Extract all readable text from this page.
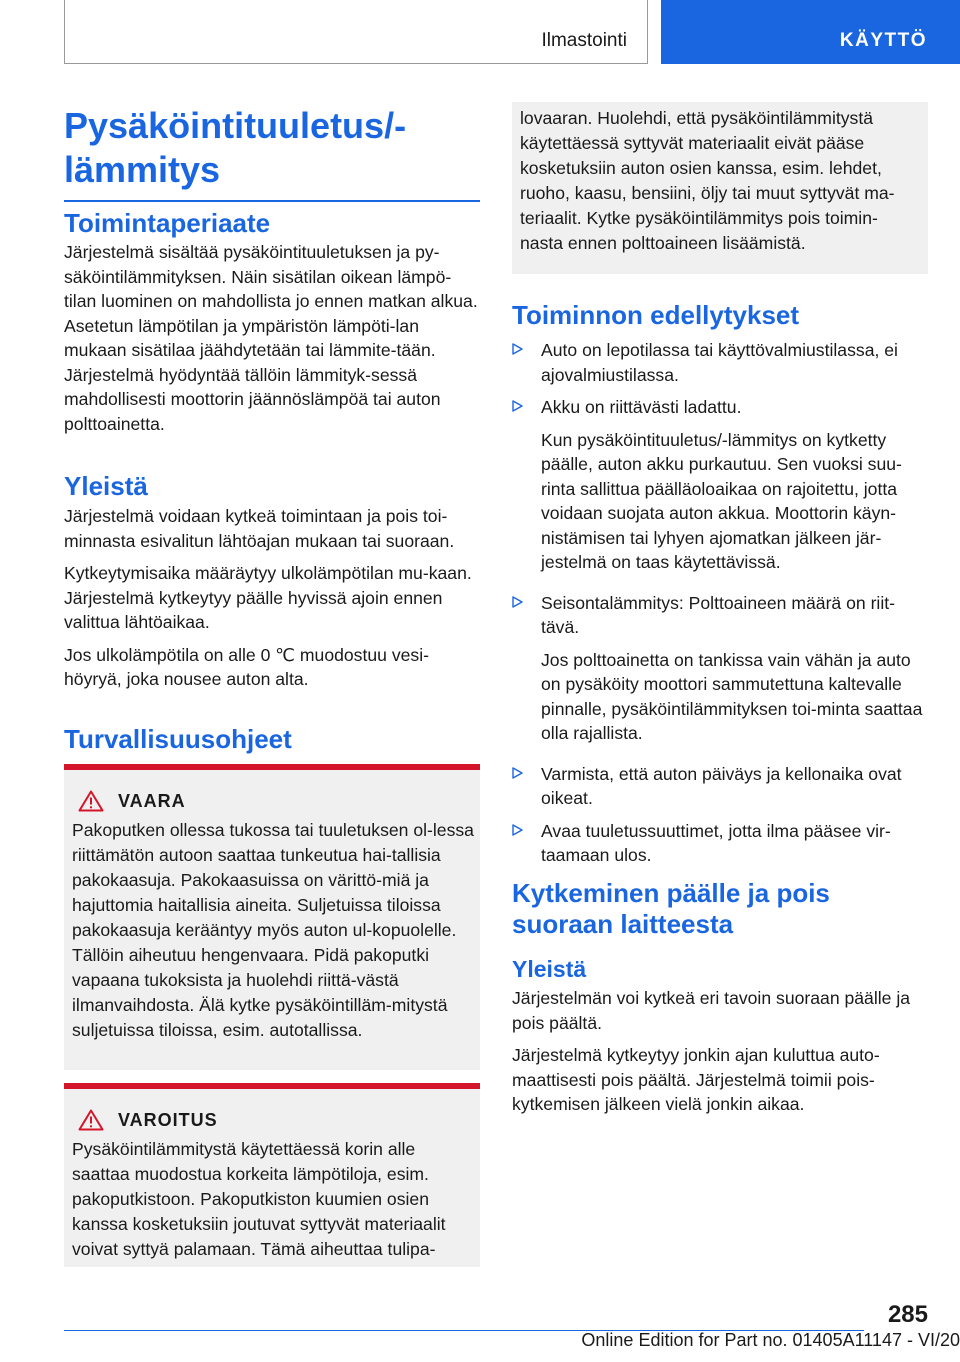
Ilmastointi	KÄYTTÖ
Pysäköintituuletus/-
lämmitys
Toimintaperiaate

Järjestelmä sisältää pysäköintituuletuksen ja py-säköintilämmityksen. Näin sisätilan oikean lämpö-tilan luominen on mahdollista jo ennen matkan alkua. Asetetun lämpötilan ja ympäristön lämpöti-lan mukaan sisätilaa jäähdytetään tai lämmite-tään. Järjestelmä hyödyntää tällöin lämmityk-sessä mahdollisesti moottorin jäännöslämpöä tai auton polttoainetta.

Yleistä

Järjestelmä voidaan kytkeä toimintaan ja pois toi-minnasta esivalitun lähtöajan mukaan tai suoraan.

Kytkeytymisaika määräytyy ulkolämpötilan mu-kaan. Järjestelmä kytkeytyy päälle hyvissä ajoin ennen valittua lähtöaikaa.

Jos ulkolämpötila on alle 0 ℃ muodostuu vesi-höyryä, joka nousee auton alta.

Turvallisuusohjeet
VAARA
Pakoputken ollessa tukossa tai tuuletuksen ol-lessa riittämätön autoon saattaa tunkeutua hai-tallisia pakokaasuja. Pakokaasuissa on värittö-miä ja hajuttomia haitallisia aineita. Suljetuissa tiloissa pakokaasuja kerääntyy myös auton ul-kopuolelle. Tällöin aiheutuu hengenvaara. Pidä pakoputki vapaana tukoksista ja huolehdi riittä-västä ilmanvaihdosta. Älä kytke pysäköintilläm-mitystä suljetuissa tiloissa, esim. autotallissa.
VAROITUS
Pysäköintilämmitystä käytettäessä korin alle saattaa muodostua korkeita lämpötiloja, esim. pakoputkistoon. Pakoputkiston kuumien osien kanssa kosketuksiin joutuvat syttyvät materiaalit voivat syttyä palamaan. Tämä aiheuttaa tulipa-
lovaaran. Huolehdi, että pysäköintilämmitystä käytettäessä syttyvät materiaalit eivät pääse kosketuksiin auton osien kanssa, esim. lehdet, ruoho, kaasu, bensiini, öljy tai muut syttyvät ma-teriaalit. Kytke pysäköintilämmitys pois toimin-nasta ennen polttoaineen lisäämistä.
Toiminnon edellytykset
Auto on lepotilassa tai käyttövalmiustilassa, ei ajovalmiustilassa.
Akku on riittävästi ladattu.

Kun pysäköintituuletus/-lämmitys on kytketty päälle, auton akku purkautuu. Sen vuoksi suu-rinta sallittua päälläoloaikaa on rajoitettu, jotta voidaan suojata auton akkua. Moottorin käyn-nistämisen tai lyhyen ajomatkan jälkeen jär-jestelmä on taas käytettävissä.

Seisontalämmitys: Polttoaineen määrä on riit-tävä.

Jos polttoainetta on tankissa vain vähän ja auto on pysäköity moottori sammutettuna kaltevalle pinnalle, pysäköintilämmityksen toi-minta saattaa olla rajallista.

Varmista, että auton päiväys ja kellonaika ovat oikeat.
Avaa tuuletussuuttimet, jotta ilma pääsee vir-taamaan ulos.
Kytkeminen päälle ja pois
suoraan laitteesta
Yleistä

Järjestelmän voi kytkeä eri tavoin suoraan päälle ja pois päältä.

Järjestelmä kytkeytyy jonkin ajan kuluttua auto-maattisesti pois päältä. Järjestelmä toimii pois-kytkemisen jälkeen vielä jonkin aikaa.

285
Online Edition for Part no. 01405A11147 - VI/20
